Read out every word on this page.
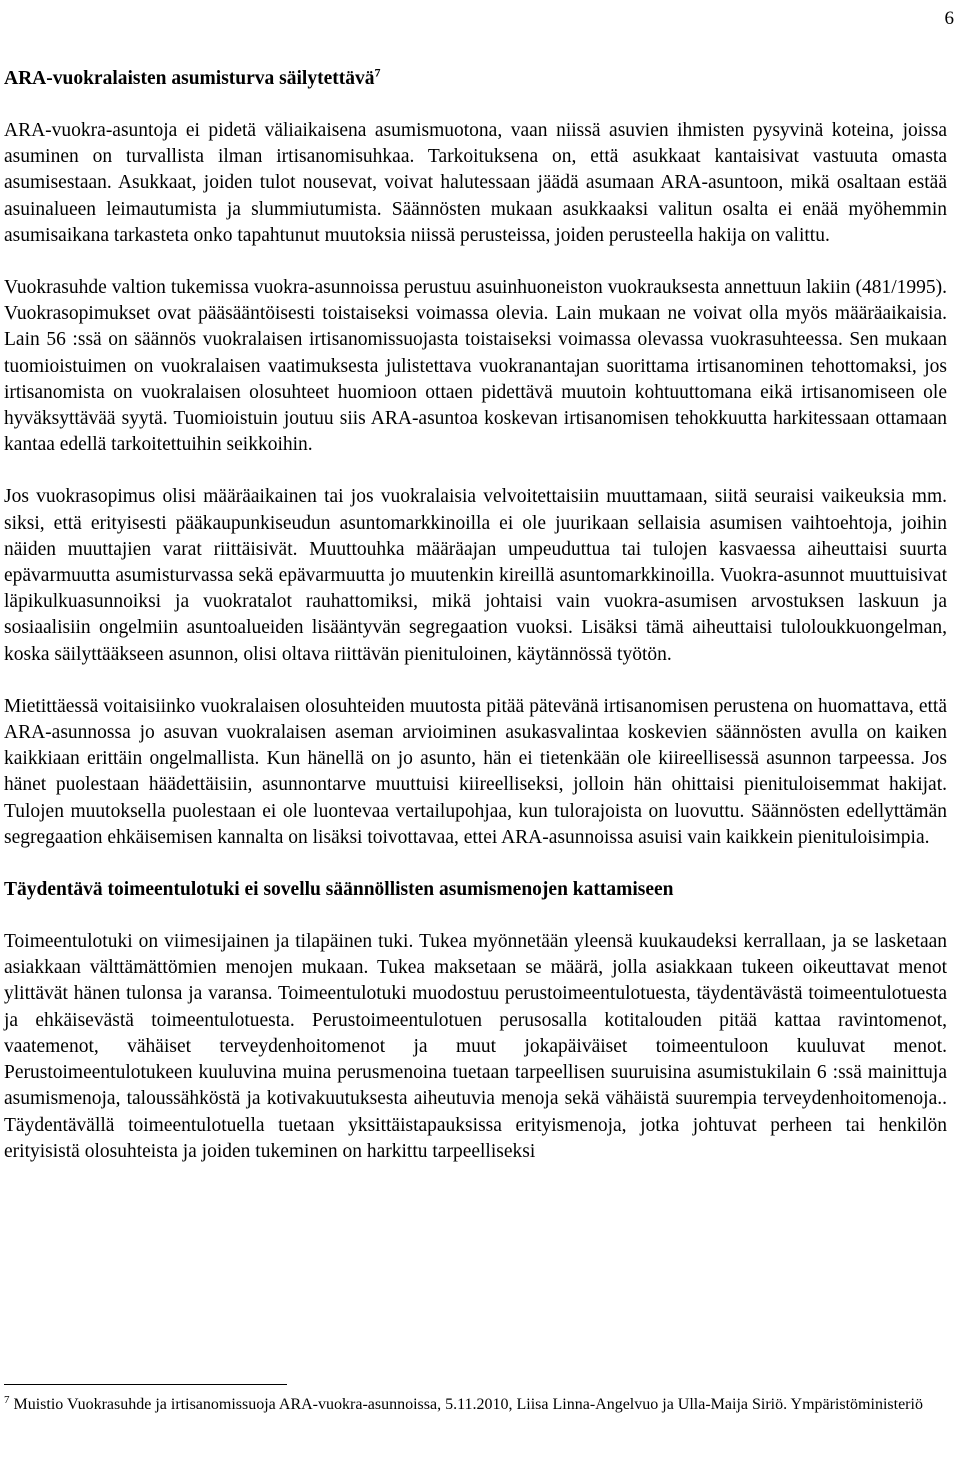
6
ARA-vuokralaisten asumisturva säilytettävä$^7$

ARA-vuokra-asuntoja ei pidetä väliaikaisena asumismuotona, vaan niissä asuvien ihmisten pysyvinä koteina, joissa asuminen on turvallista ilman irtisanomisuhkaa. Tarkoituksena on, että asukkaat kantaisivat vastuuta omasta asumisestaan. Asukkaat, joiden tulot nousevat, voivat halutessaan jäädä asumaan ARA-asuntoon, mikä osaltaan estää asuinalueen leimautumista ja slummiutumista. Säännösten mukaan asukkaaksi valitun osalta ei enää myöhemmin asumisaikana tarkasteta onko tapahtunut muutoksia niissä perusteissa, joiden perusteella hakija on valittu.

Vuokrasuhde valtion tukemissa vuokra-asunnoissa perustuu asuinhuoneiston vuokrauksesta annettuun lakiin (481/1995). Vuokrasopimukset ovat pääsääntöisesti toistaiseksi voimassa olevia. Lain mukaan ne voivat olla myös määräaikaisia. Lain 56 :ssä on säännös vuokralaisen irtisanomissuojasta toistaiseksi voimassa olevassa vuokrasuhteessa. Sen mukaan tuomioistuimen on vuokralaisen vaatimuksesta julistettava vuokranantajan suorittama irtisanominen tehottomaksi, jos irtisanomista on vuokralaisen olosuhteet huomioon ottaen pidettävä muutoin kohtuuttomana eikä irtisanomiseen ole hyväksyttävää syytä. Tuomioistuin joutuu siis ARA-asuntoa koskevan irtisanomisen tehokkuutta harkitessaan ottamaan kantaa edellä tarkoitettuihin seikkoihin.

Jos vuokrasopimus olisi määräaikainen tai jos vuokralaisia velvoitettaisiin muuttamaan, siitä seuraisi vaikeuksia mm. siksi, että erityisesti pääkaupunkiseudun asuntomarkkinoilla ei ole juurikaan sellaisia asumisen vaihtoehtoja, joihin näiden muuttajien varat riittäisivät. Muuttouhka määräajan umpeuduttua tai tulojen kasvaessa aiheuttaisi suurta epävarmuutta asumisturvassa sekä epävarmuutta jo muutenkin kireillä asuntomarkkinoilla. Vuokra-asunnot muuttuisivat läpikulkuasunnoiksi ja vuokratalot rauhattomiksi, mikä johtaisi vain vuokra-asumisen arvostuksen laskuun ja sosiaalisiin ongelmiin asuntoalueiden lisääntyvän segregaation vuoksi. Lisäksi tämä aiheuttaisi tuloloukkuongelman, koska säilyttääkseen asunnon, olisi oltava riittävän pienituloinen, käytännössä työtön.

Mietittäessä voitaisiinko vuokralaisen olosuhteiden muutosta pitää pätevänä irtisanomisen perustena on huomattava, että ARA-asunnossa jo asuvan vuokralaisen aseman arvioiminen asukasvalintaa koskevien säännösten avulla on kaiken kaikkiaan erittäin ongelmallista. Kun hänellä on jo asunto, hän ei tietenkään ole kiireellisessä asunnon tarpeessa. Jos hänet puolestaan häädettäisiin, asunnontarve muuttuisi kiireelliseksi, jolloin hän ohittaisi pienituloisemmat hakijat. Tulojen muutoksella puolestaan ei ole luontevaa vertailupohjaa, kun tulorajoista on luovuttu. Säännösten edellyttämän segregaation ehkäisemisen kannalta on lisäksi toivottavaa, ettei ARA-asunnoissa asuisi vain kaikkein pienituloisimpia.

Täydentävä toimeentulotuki ei sovellu säännöllisten asumismenojen kattamiseen

Toimeentulotuki on viimesijainen ja tilapäinen tuki. Tukea myönnetään yleensä kuukaudeksi kerrallaan, ja se lasketaan asiakkaan välttämättömien menojen mukaan. Tukea maksetaan se määrä, jolla asiakkaan tukeen oikeuttavat menot ylittävät hänen tulonsa ja varansa. Toimeentulotuki muodostuu perustoimeentulotuesta, täydentävästä toimeentulotuesta ja ehkäisevästä toimeentulotuesta. Perustoimeentulotuen perusosalla kotitalouden pitää kattaa ravintomenot, vaatemenot, vähäiset terveydenhoitomenot ja muut jokapäiväiset toimeentuloon kuuluvat menot. Perustoimeentulotukeen kuuluvina muina perusmenoina tuetaan tarpeellisen suuruisina asumistukilain 6 :ssä mainittuja asumismenoja, taloussähköstä ja kotivakuutuksesta aiheutuvia menoja sekä vähäistä suurempia terveydenhoitomenoja.. Täydentävällä toimeentulotuella tuetaan yksittäistapauksissa erityismenoja, jotka johtuvat perheen tai henkilön erityisistä olosuhteista ja joiden tukeminen on harkittu tarpeelliseksi

$^7$ Muistio Vuokrasuhde ja irtisanomissuoja ARA-vuokra-asunnoissa, 5.11.2010, Liisa Linna-Angelvuo ja Ulla-Maija Siriö. Ympäristöministeriö
